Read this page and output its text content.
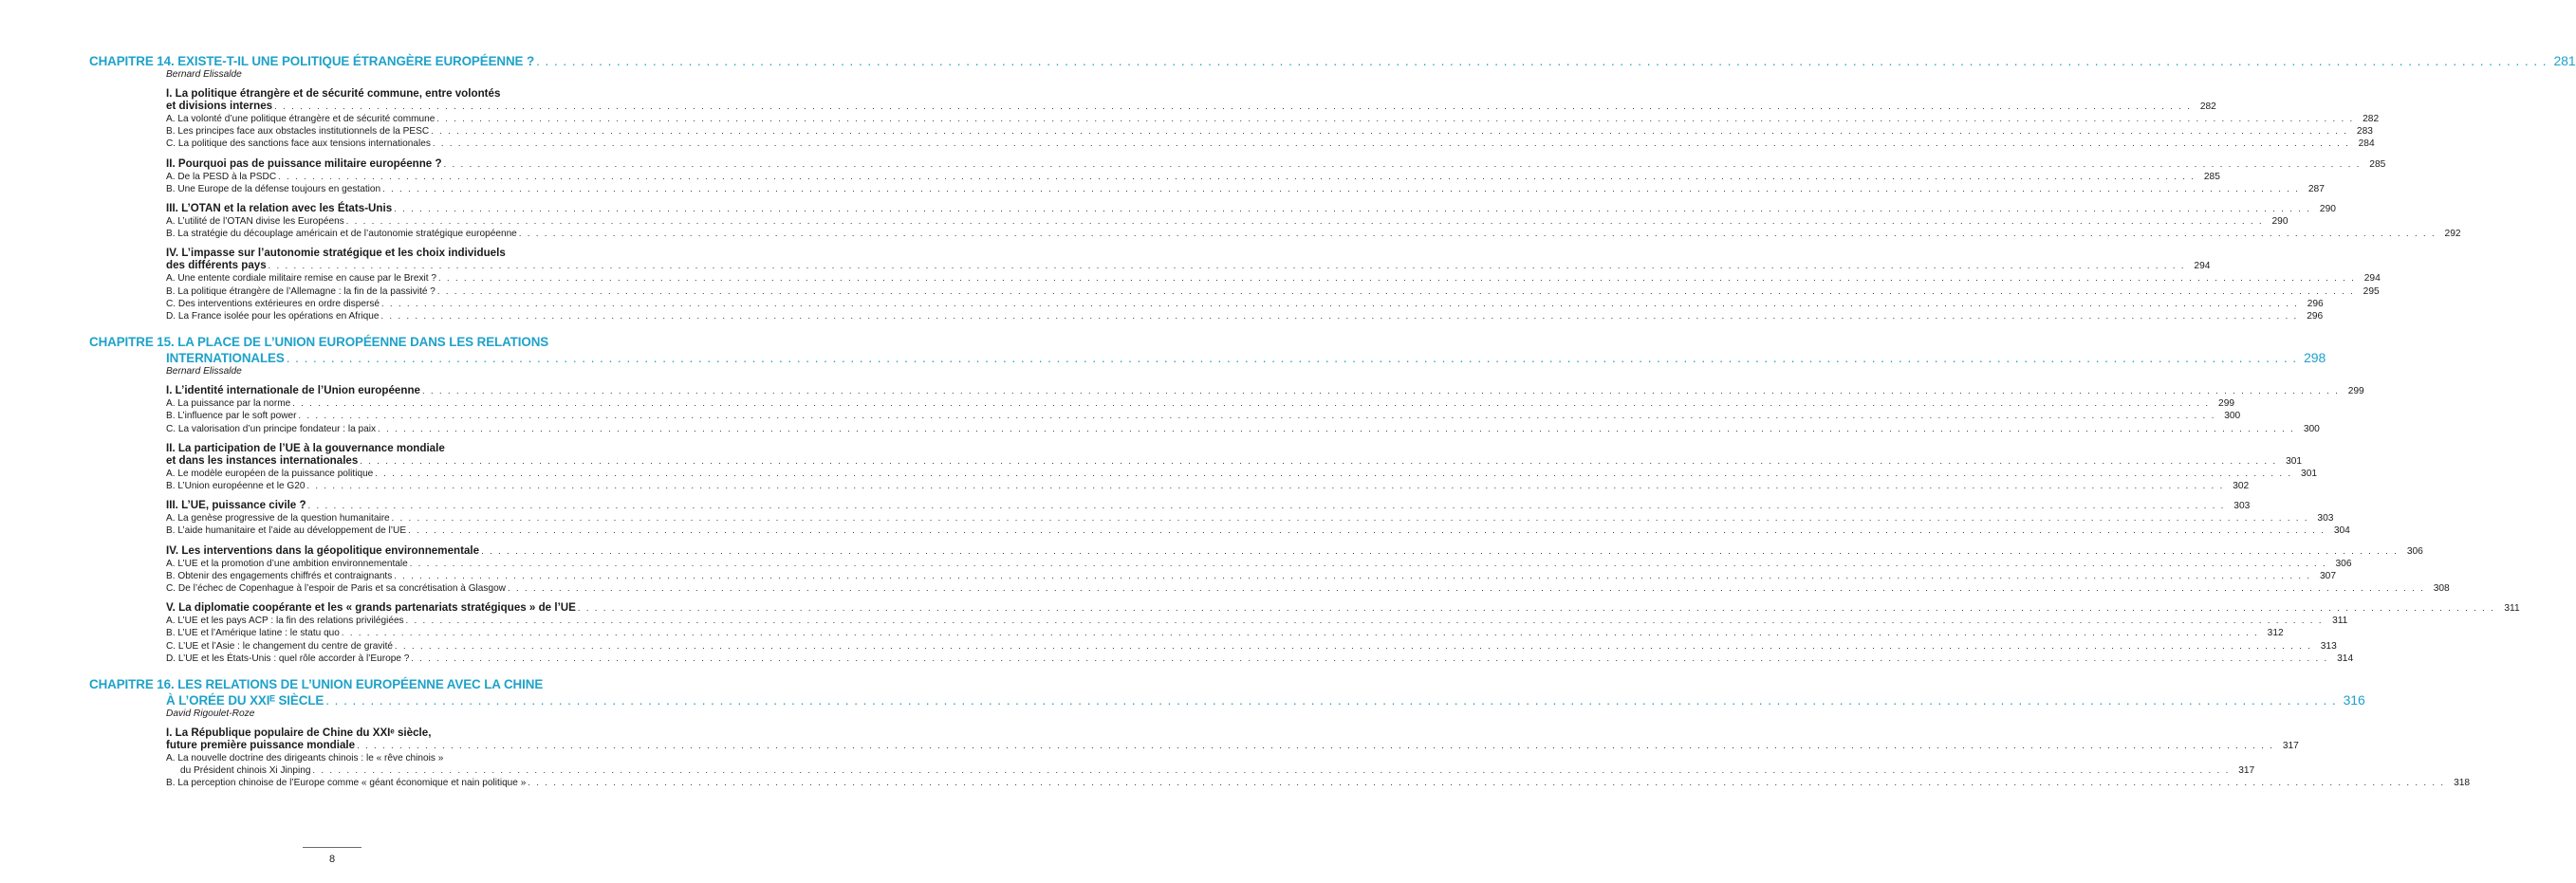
CHAPITRE 14. EXISTE-T-IL UNE POLITIQUE ÉTRANGÈRE EUROPÉENNE ? . . .	281
Bernard Elissalde
I. La politique étrangère et de sécurité commune, entre volontés
et divisions internes . . .	282
A. La volonté d’une politique étrangère et de sécurité commune . . .	282
B. Les principes face aux obstacles institutionnels de la PESC . . .	283
C. La politique des sanctions face aux tensions internationales . . .	284
II. Pourquoi pas de puissance militaire européenne ? . . .	285
A. De la PESD à la PSDC . . .	285
B. Une Europe de la défense toujours en gestation . . .	287
III. L’OTAN et la relation avec les États-Unis . . .	290
A. L’utilité de l’OTAN divise les Européens . . .	290
B. La stratégie du découplage américain et de l’autonomie stratégique européenne . . .	292
IV. L’impasse sur l’autonomie stratégique et les choix individuels
des différents pays . . .	294
A. Une entente cordiale militaire remise en cause par le Brexit ? . . .	294
B. La politique étrangère de l’Allemagne : la fin de la passivité ? . . .	295
C. Des interventions extérieures en ordre dispersé . . .	296
D. La France isolée pour les opérations en Afrique . . .	296
CHAPITRE 15. LA PLACE DE L’UNION EUROPÉENNE DANS LES RELATIONS
INTERNATIONALES . . .	298
Bernard Elissalde
I. L’identité internationale de l’Union européenne . . .	299
A. La puissance par la norme . . .	299
B. L’influence par le soft power . . .	300
C. La valorisation d’un principe fondateur : la paix . . .	300
II. La participation de l’UE à la gouvernance mondiale
et dans les instances internationales . . .	301
A. Le modèle européen de la puissance politique . . .	301
B. L’Union européenne et le G20 . . .	302
III. L’UE, puissance civile ? . . .	303
A. La genèse progressive de la question humanitaire . . .	303
B. L’aide humanitaire et l’aide au développement de l’UE . . .	304
IV. Les interventions dans la géopolitique environnementale . . .	306
A. L’UE et la promotion d’une ambition environnementale . . .	306
B. Obtenir des engagements chiffrés et contraignants . . .	307
C. De l’échec de Copenhague à l’espoir de Paris et sa concrétisation à Glasgow . . .	308
V. La diplomatie coopérante et les « grands partenariats stratégiques » de l’UE . . .	311
A. L’UE et les pays ACP : la fin des relations privilégiées . . .	311
B. L’UE et l’Amérique latine : le statu quo . . .	312
C. L’UE et l’Asie : le changement du centre de gravité . . .	313
D. L’UE et les États-Unis : quel rôle accorder à l’Europe ? . . .	314
CHAPITRE 16. LES RELATIONS DE L’UNION EUROPÉENNE AVEC LA CHINE
À L’ORÉE DU XXIᴱ SIÈCLE . . .	316
David Rigoulet-Roze
I. La République populaire de Chine du XXIᵉ siècle,
future première puissance mondiale . . .	317
A. La nouvelle doctrine des dirigeants chinois : le « rêve chinois »
du Président chinois Xi Jinping . . .	317
B. La perception chinoise de l’Europe comme « géant économique et nain politique » . . .	318
8
